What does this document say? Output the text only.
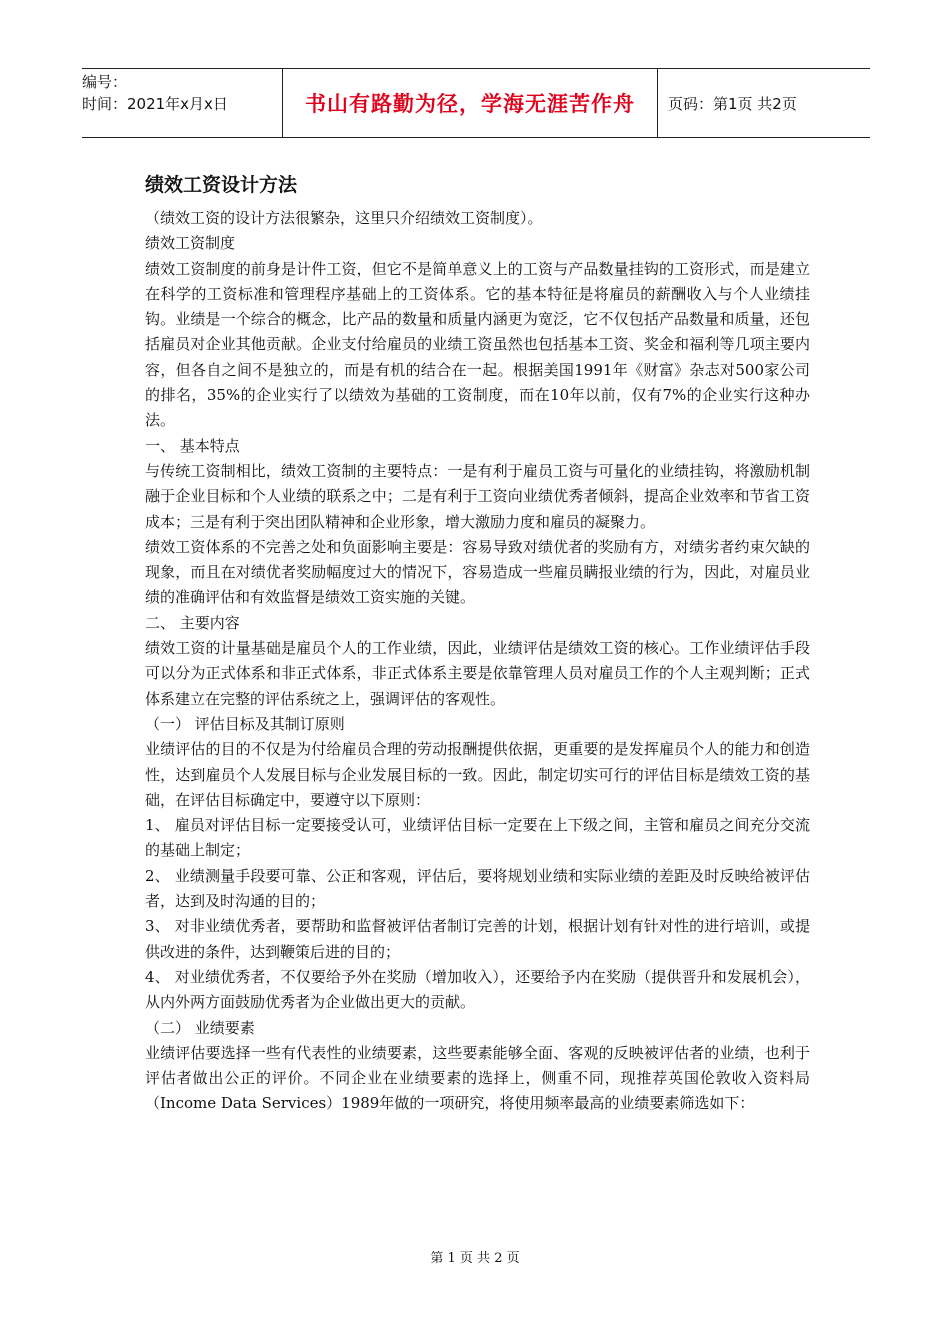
编号：
时间：2021年x月x日	书山有路勤为径，学海无涯苦作舟	页码：第1页 共2页
绩效工资设计方法

（绩效工资的设计方法很繁杂，这里只介绍绩效工资制度）。

绩效工资制度

绩效工资制度的前身是计件工资，但它不是简单意义上的工资与产品数量挂钩的工资形式，而是建立在科学的工资标准和管理程序基础上的工资体系。它的基本特征是将雇员的薪酬收入与个人业绩挂钩。业绩是一个综合的概念，比产品的数量和质量内涵更为宽泛，它不仅包括产品数量和质量，还包括雇员对企业其他贡献。企业支付给雇员的业绩工资虽然也包括基本工资、奖金和福利等几项主要内容，但各自之间不是独立的，而是有机的结合在一起。根据美国1991年《财富》杂志对500家公司的排名，35%的企业实行了以绩效为基础的工资制度，而在10年以前，仅有7%的企业实行这种办法。

一、 基本特点

与传统工资制相比，绩效工资制的主要特点：一是有利于雇员工资与可量化的业绩挂钩，将激励机制融于企业目标和个人业绩的联系之中；二是有利于工资向业绩优秀者倾斜，提高企业效率和节省工资成本；三是有利于突出团队精神和企业形象，增大激励力度和雇员的凝聚力。

绩效工资体系的不完善之处和负面影响主要是：容易导致对绩优者的奖励有方，对绩劣者约束欠缺的现象，而且在对绩优者奖励幅度过大的情况下，容易造成一些雇员瞒报业绩的行为，因此，对雇员业绩的准确评估和有效监督是绩效工资实施的关键。

二、 主要内容

绩效工资的计量基础是雇员个人的工作业绩，因此，业绩评估是绩效工资的核心。工作业绩评估手段可以分为正式体系和非正式体系，非正式体系主要是依靠管理人员对雇员工作的个人主观判断；正式体系建立在完整的评估系统之上，强调评估的客观性。

（一） 评估目标及其制订原则

业绩评估的目的不仅是为付给雇员合理的劳动报酬提供依据，更重要的是发挥雇员个人的能力和创造性，达到雇员个人发展目标与企业发展目标的一致。因此，制定切实可行的评估目标是绩效工资的基础，在评估目标确定中，要遵守以下原则：

1、 雇员对评估目标一定要接受认可，业绩评估目标一定要在上下级之间，主管和雇员之间充分交流的基础上制定；

2、 业绩测量手段要可靠、公正和客观，评估后，要将规划业绩和实际业绩的差距及时反映给被评估者，达到及时沟通的目的；

3、 对非业绩优秀者，要帮助和监督被评估者制订完善的计划，根据计划有针对性的进行培训，或提供改进的条件，达到鞭策后进的目的；

4、 对业绩优秀者，不仅要给予外在奖励（增加收入），还要给予内在奖励（提供晋升和发展机会），从内外两方面鼓励优秀者为企业做出更大的贡献。

（二） 业绩要素

业绩评估要选择一些有代表性的业绩要素，这些要素能够全面、客观的反映被评估者的业绩，也利于评估者做出公正的评价。不同企业在业绩要素的选择上，侧重不同，现推荐英国伦敦收入资料局（Income Data Services）1989年做的一项研究，将使用频率最高的业绩要素筛选如下：

第 1 页 共 2 页
